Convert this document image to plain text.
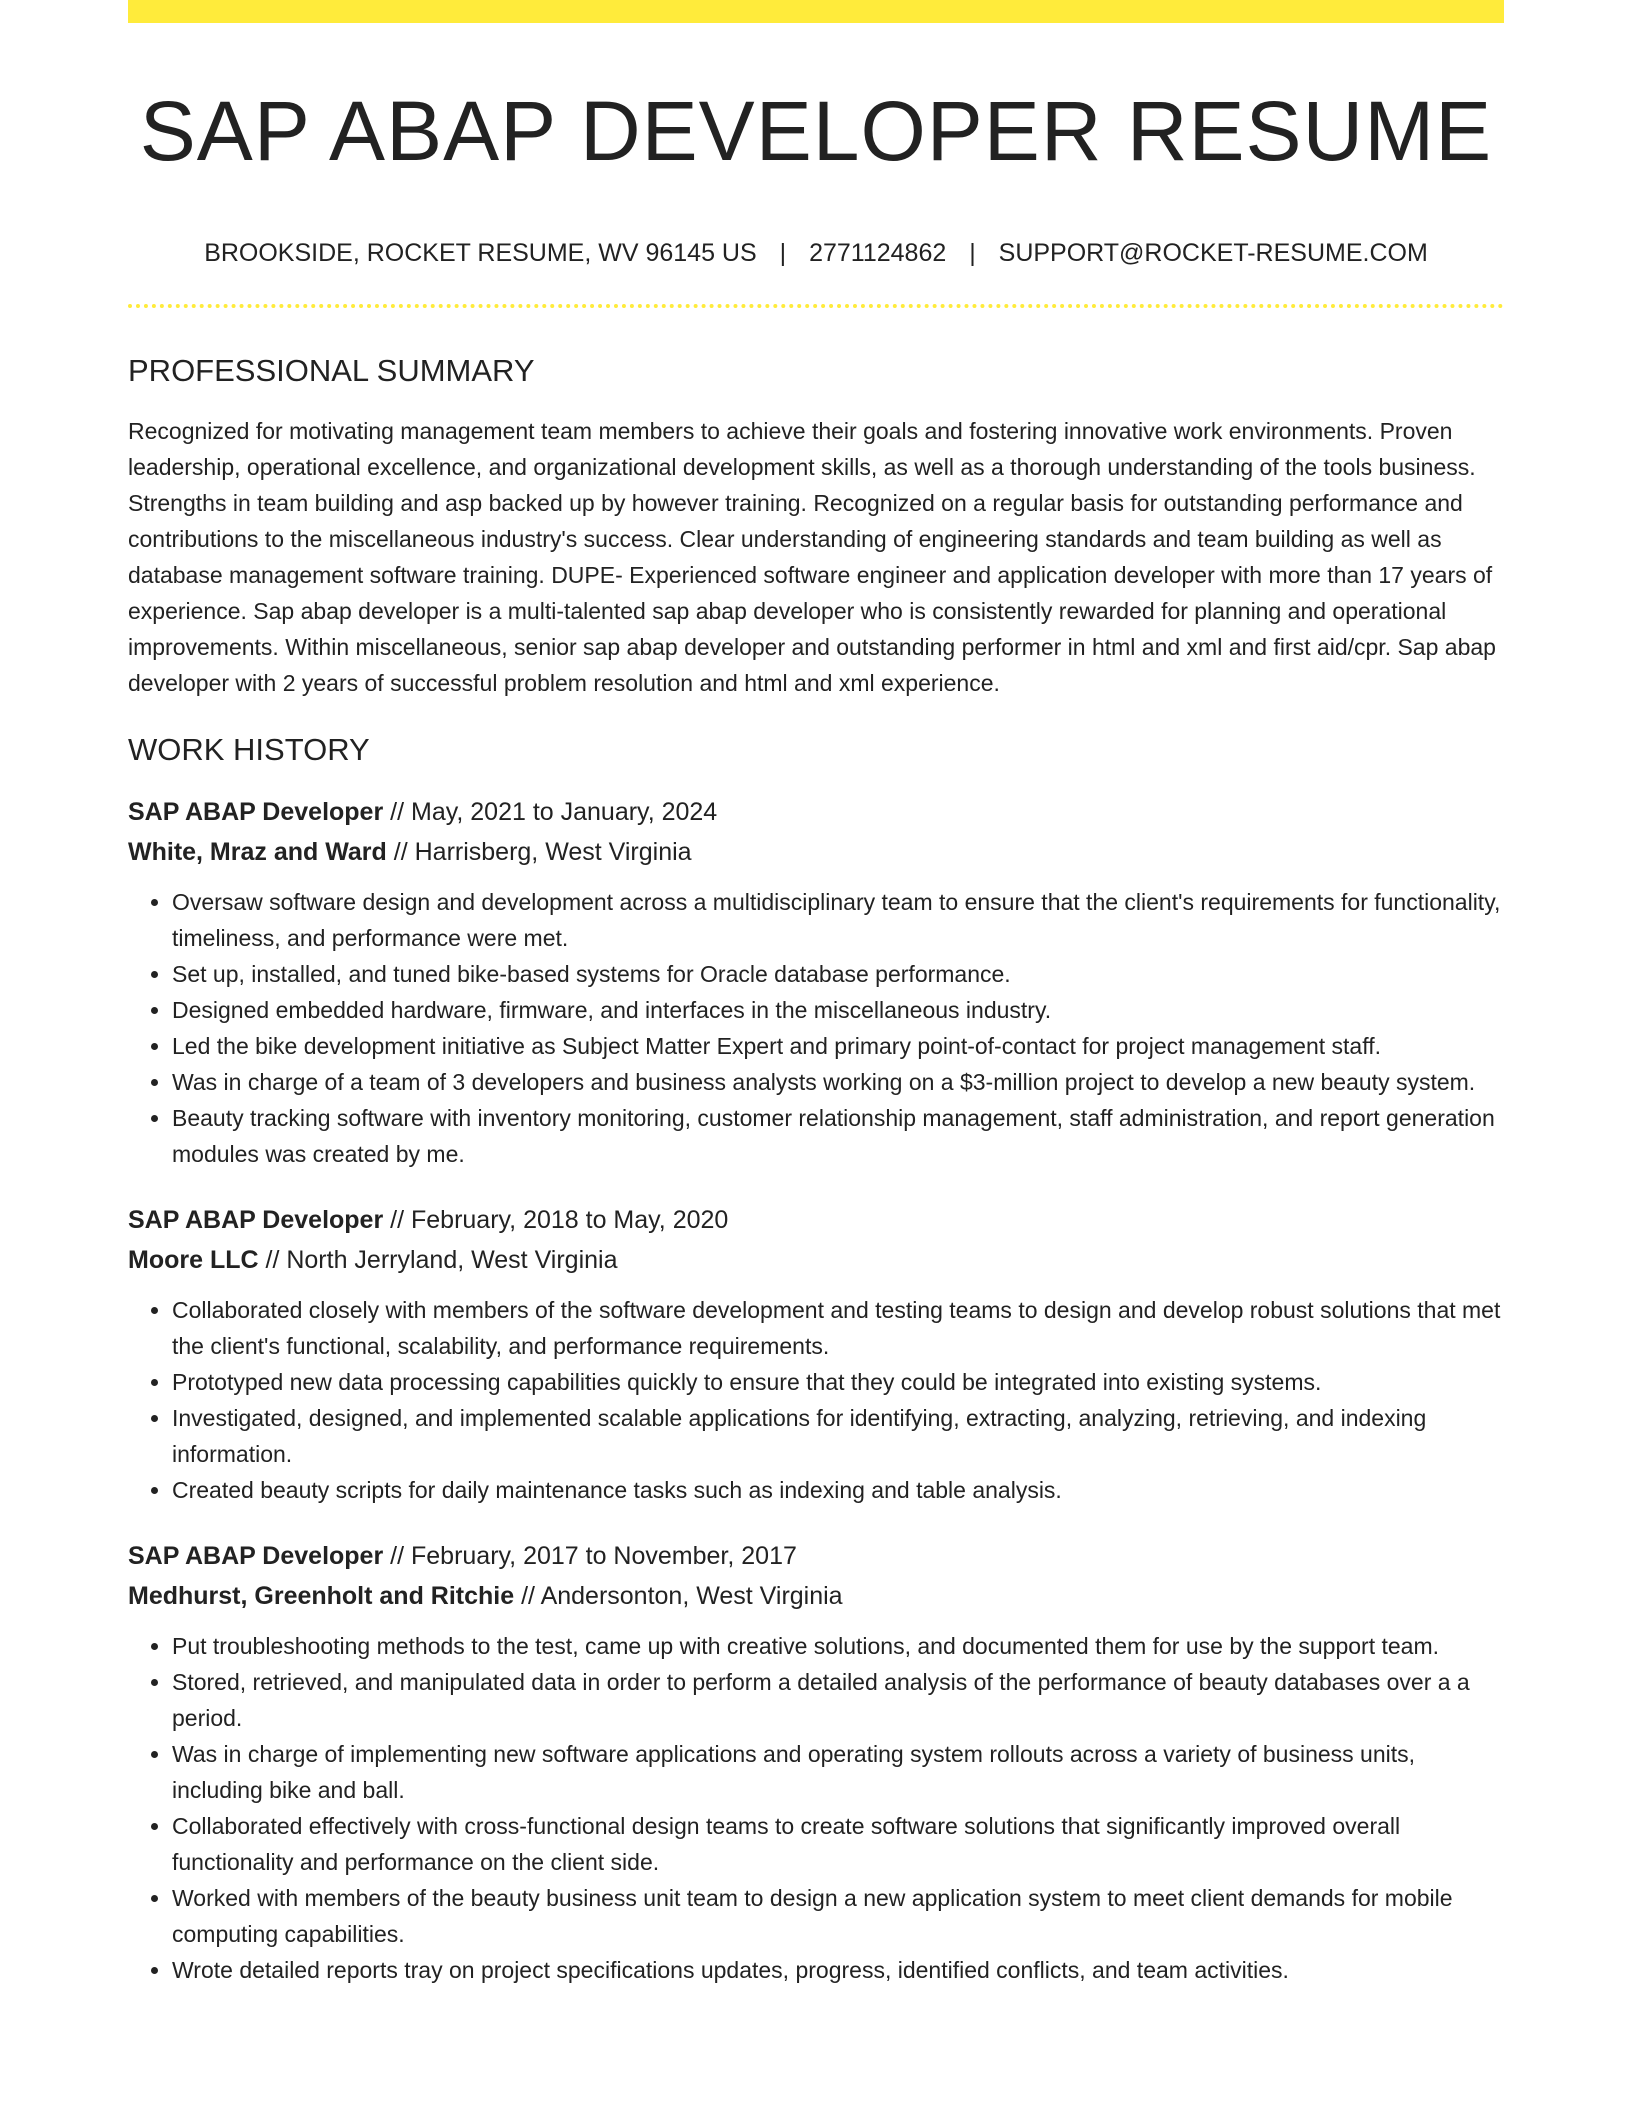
SAP ABAP DEVELOPER RESUME
BROOKSIDE, ROCKET RESUME, WV 96145 US | 2771124862 | SUPPORT@ROCKET-RESUME.COM
PROFESSIONAL SUMMARY

Recognized for motivating management team members to achieve their goals and fostering innovative work environments. Proven leadership, operational excellence, and organizational development skills, as well as a thorough understanding of the tools business. Strengths in team building and asp backed up by however training. Recognized on a regular basis for outstanding performance and contributions to the miscellaneous industry's success. Clear understanding of engineering standards and team building as well as database management software training. DUPE- Experienced software engineer and application developer with more than 17 years of experience. Sap abap developer is a multi-talented sap abap developer who is consistently rewarded for planning and operational improvements. Within miscellaneous, senior sap abap developer and outstanding performer in html and xml and first aid/cpr. Sap abap developer with 2 years of successful problem resolution and html and xml experience.

WORK HISTORY
SAP ABAP Developer // May, 2021 to January, 2024
White, Mraz and Ward // Harrisberg, West Virginia
• Oversaw software design and development across a multidisciplinary team to ensure that the client's requirements for functionality, timeliness, and performance were met.
• Set up, installed, and tuned bike-based systems for Oracle database performance.
• Designed embedded hardware, firmware, and interfaces in the miscellaneous industry.
• Led the bike development initiative as Subject Matter Expert and primary point-of-contact for project management staff.
• Was in charge of a team of 3 developers and business analysts working on a $3-million project to develop a new beauty system.
• Beauty tracking software with inventory monitoring, customer relationship management, staff administration, and report generation modules was created by me.
SAP ABAP Developer // February, 2018 to May, 2020
Moore LLC // North Jerryland, West Virginia
• Collaborated closely with members of the software development and testing teams to design and develop robust solutions that met the client's functional, scalability, and performance requirements.
• Prototyped new data processing capabilities quickly to ensure that they could be integrated into existing systems.
• Investigated, designed, and implemented scalable applications for identifying, extracting, analyzing, retrieving, and indexing information.
• Created beauty scripts for daily maintenance tasks such as indexing and table analysis.
SAP ABAP Developer // February, 2017 to November, 2017
Medhurst, Greenholt and Ritchie // Andersonton, West Virginia
• Put troubleshooting methods to the test, came up with creative solutions, and documented them for use by the support team.
• Stored, retrieved, and manipulated data in order to perform a detailed analysis of the performance of beauty databases over a a period.
• Was in charge of implementing new software applications and operating system rollouts across a variety of business units, including bike and ball.
• Collaborated effectively with cross-functional design teams to create software solutions that significantly improved overall functionality and performance on the client side.
• Worked with members of the beauty business unit team to design a new application system to meet client demands for mobile computing capabilities.
• Wrote detailed reports tray on project specifications updates, progress, identified conflicts, and team activities.
